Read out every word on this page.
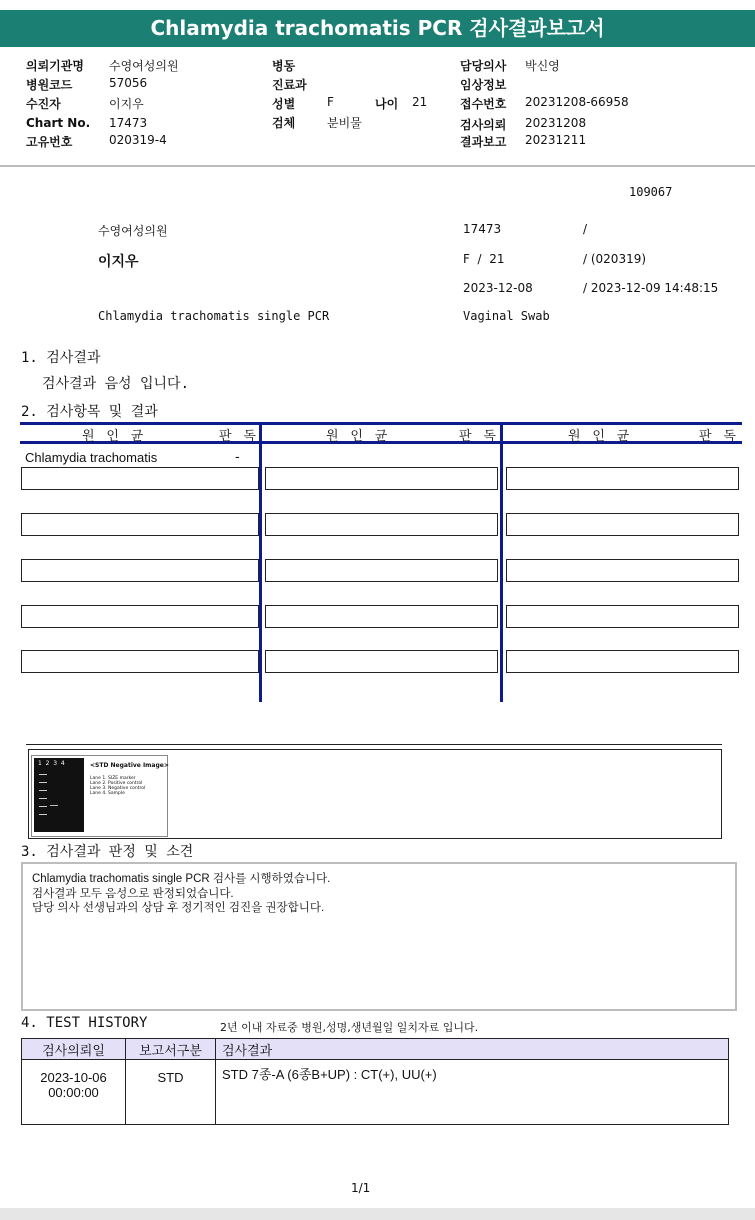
Chlamydia trachomatis PCR 검사결과보고서
의뢰기관명 수영여성의원
병원코드	57056
수진자	이지우
Chart No. 17473
고유번호	020319-4
병동
진료과
성별	F	나이 21
검체	분비물
담당의사 박신영
임상정보
접수번호 20231208-66958
검사의뢰 20231208
결과보고 20231211
109067
수영여성의원	17473	/
이지우	F  /  21	/ (020319)
2023-12-08	/ 2023-12-09 14:48:15
Chlamydia trachomatis single PCR	Vaginal Swab
1. 검사결과
검사결과 음성 입니다.
2. 검사항목 및 결과
원 인 균	판 독	원 인 균	판 독	원 인 균	판 독
Chlamydia trachomatis	-
1  2  3  4	<STD Negative Image>
Lane 1. SIZE marker
Lane 2. Positive control
Lane 3. Negative control
Lane 4. Sample
3. 검사결과 판정 및 소견
Chlamydia trachomatis single PCR 검사를 시행하였습니다.
검사결과 모두 음성으로 판정되었습니다.
담당 의사 선생님과의 상담 후 정기적인 검진을 권장합니다.
4. TEST HISTORY	2년 이내 자료중 병원,성명,생년월일 일치자료 입니다.
검사의뢰일	보고서구분	검사결과

2023-10-06
00:00:00	STD	STD 7종-A (6종B+UP) : CT(+), UU(+)
1/1
